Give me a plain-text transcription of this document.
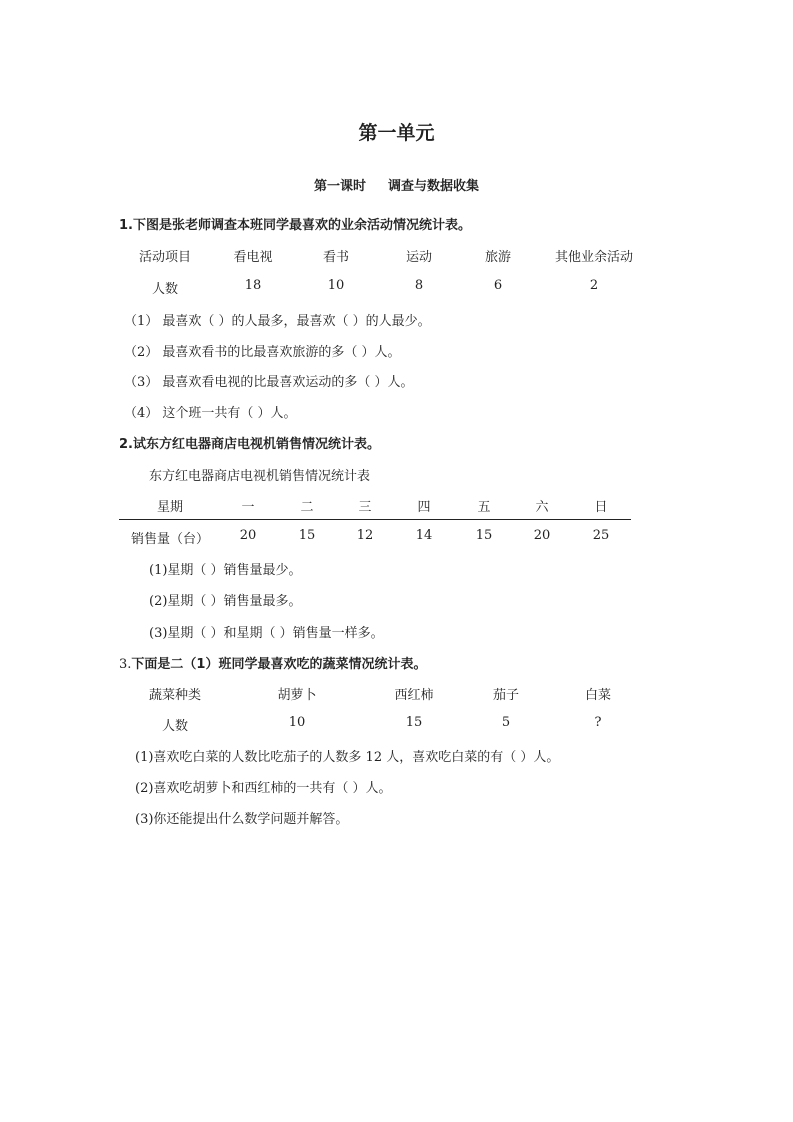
第一单元
第一课时 调查与数据收集
1.下图是张老师调查本班同学最喜欢的业余活动情况统计表。
活动项目	看电视	看书	运动	旅游	其他业余活动
人数	18	10	8	6	2
（1） 最喜欢（ ）的人最多，最喜欢（ ）的人最少。
（2） 最喜欢看书的比最喜欢旅游的多（ ）人。
（3） 最喜欢看电视的比最喜欢运动的多（ ）人。
（4） 这个班一共有（ ）人。
2.试东方红电器商店电视机销售情况统计表。
东方红电器商店电视机销售情况统计表
星期	一	二	三	四	五	六	日
销售量（台） 20	15	12	14	15	20	25
(1)星期（ ）销售量最少。
(2)星期（ ）销售量最多。
(3)星期（ ）和星期（ ）销售量一样多。
3.下面是二（1）班同学最喜欢吃的蔬菜情况统计表。
蔬菜种类	胡萝卜	西红柿	茄子	白菜
人数	10	15	5	?
(1)喜欢吃白菜的人数比吃茄子的人数多 12 人，喜欢吃白菜的有（ ）人。
(2)喜欢吃胡萝卜和西红柿的一共有（ ）人。
(3)你还能提出什么数学问题并解答。
